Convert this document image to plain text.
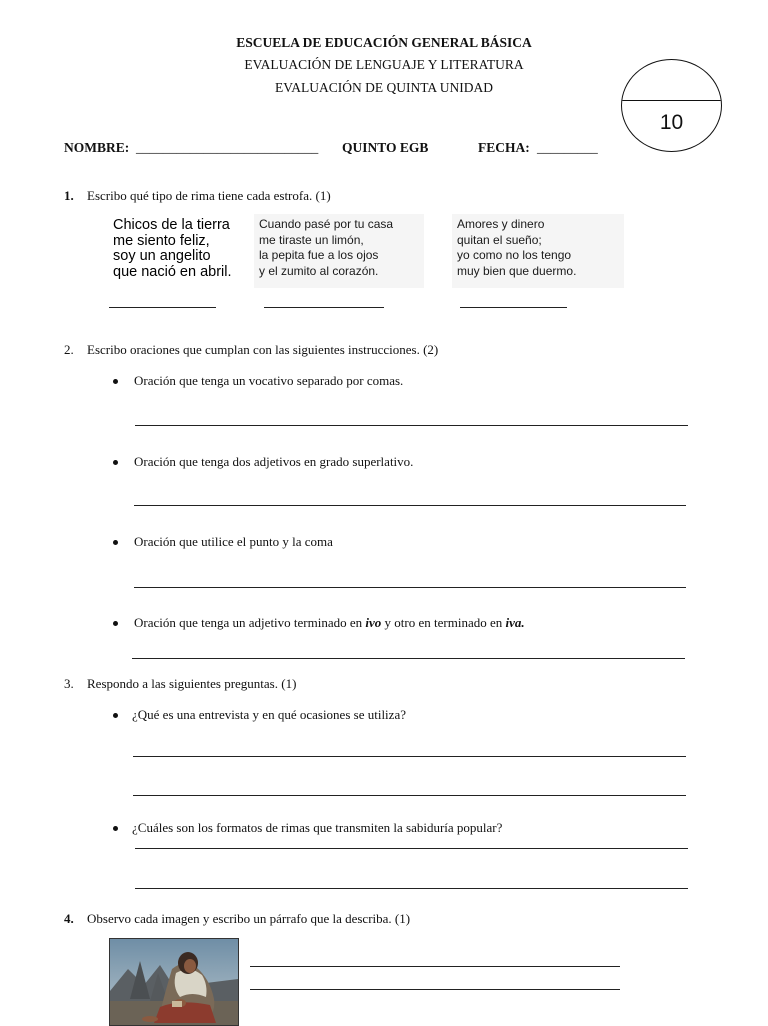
ESCUELA DE EDUCACIÓN GENERAL BÁSICA
EVALUACIÓN DE LENGUAJE Y LITERATURA
EVALUACIÓN DE QUINTA UNIDAD
10
NOMBRE: ___________________________ QUINTO EGB	FECHA: _________
1. Escribo qué tipo de rima tiene cada estrofa. (1)
Chicos de la tierra
me siento feliz,
soy un angelito
que nació en abril.
Cuando pasé por tu casa
me tiraste un limón,
la pepita fue a los ojos
y el zumito al corazón.
Amores y dinero
quitan el sueño;
yo como no los tengo
muy bien que duermo.
2. Escribo oraciones que cumplan con las siguientes instrucciones. (2)
Oración que tenga un vocativo separado por comas.
Oración que tenga dos adjetivos en grado superlativo.
Oración que utilice el punto y la coma
Oración que tenga un adjetivo terminado en ivo y otro en terminado en iva.
3. Respondo a las siguientes preguntas. (1)
¿Qué es una entrevista y en qué ocasiones se utiliza?
¿Cuáles son los formatos de rimas que transmiten la sabiduría popular?
4. Observo cada imagen y escribo un párrafo que la describa. (1)
